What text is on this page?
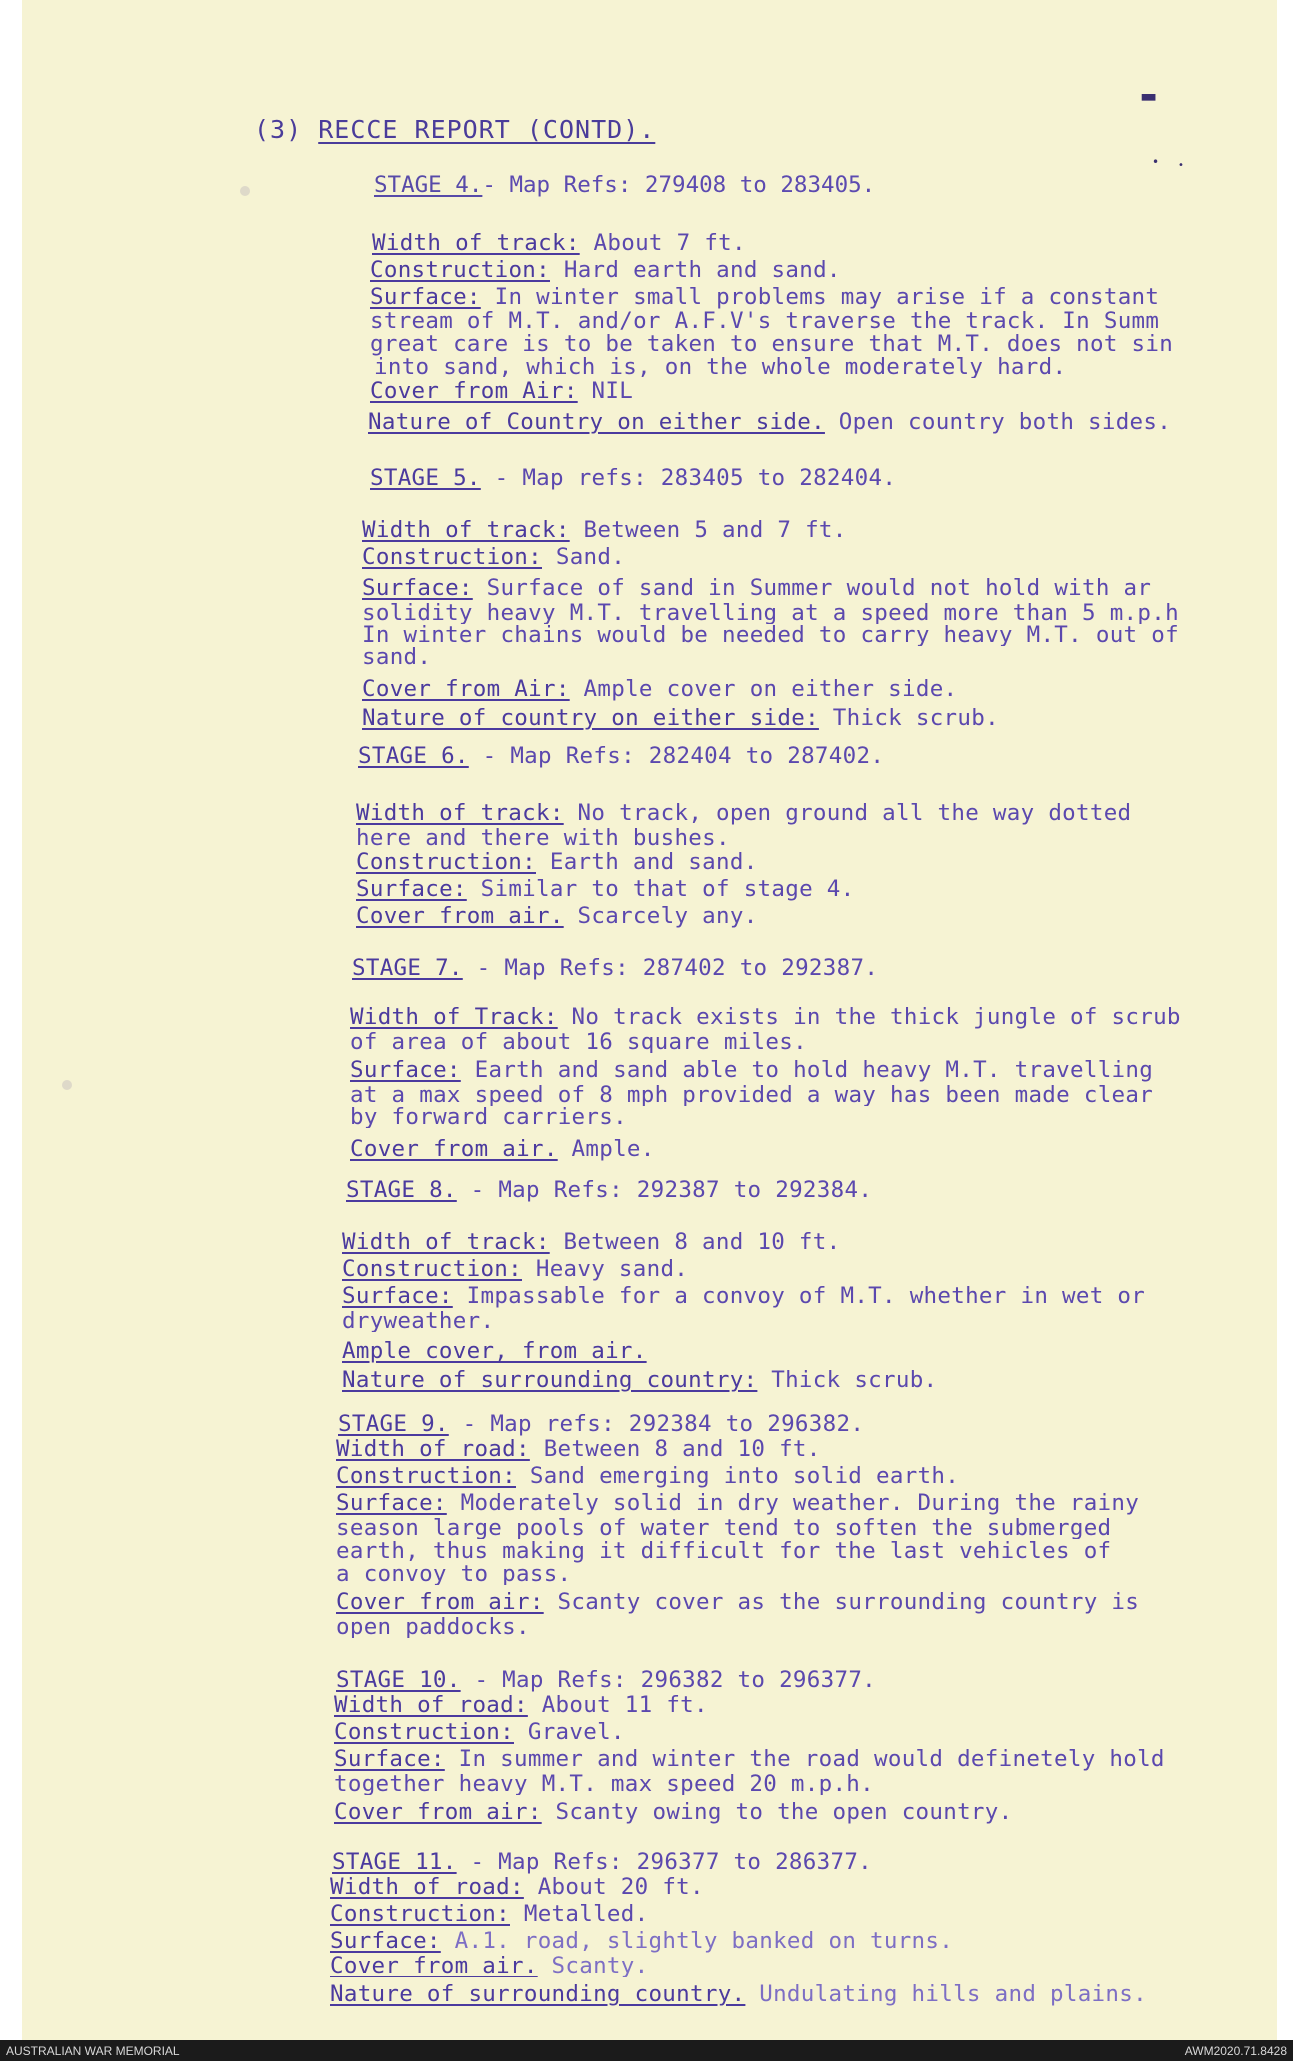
▬
• •
(3) RECCE REPORT (CONTD).
STAGE 4.- Map Refs: 279408 to 283405.
Width of track: About 7 ft.
Construction: Hard earth and sand.
Surface: In winter small problems may arise if a constant
stream of M.T. and/or A.F.V's traverse the track. In Summ
great care is to be taken to ensure that M.T. does not sin
into sand, which is, on the whole moderately hard.
Cover from Air: NIL
Nature of Country on either side. Open country both sides.
STAGE 5. - Map refs: 283405 to 282404.
Width of track: Between 5 and 7 ft.
Construction: Sand.
Surface: Surface of sand in Summer would not hold with ar
solidity heavy M.T. travelling at a speed more than 5 m.p.h
In winter chains would be needed to carry heavy M.T. out of
sand.
Cover from Air: Ample cover on either side.
Nature of country on either side: Thick scrub.
STAGE 6. - Map Refs: 282404 to 287402.
Width of track: No track, open ground all the way dotted
here and there with bushes.
Construction: Earth and sand.
Surface: Similar to that of stage 4.
Cover from air. Scarcely any.
STAGE 7. - Map Refs: 287402 to 292387.
Width of Track: No track exists in the thick jungle of scrub
of area of about 16 square miles.
Surface: Earth and sand able to hold heavy M.T. travelling
at a max speed of 8 mph provided a way has been made clear
by forward carriers.
Cover from air. Ample.
STAGE 8. - Map Refs: 292387 to 292384.
Width of track: Between 8 and 10 ft.
Construction: Heavy sand.
Surface: Impassable for a convoy of M.T. whether in wet or
dryweather.
Ample cover, from air.
Nature of surrounding country: Thick scrub.
STAGE 9. - Map refs: 292384 to 296382.
Width of road: Between 8 and 10 ft.
Construction: Sand emerging into solid earth.
Surface: Moderately solid in dry weather. During the rainy
season large pools of water tend to soften the submerged
earth, thus making it difficult for the last vehicles of
a convoy to pass.
Cover from air: Scanty cover as the surrounding country is
open paddocks.
STAGE 10. - Map Refs: 296382 to 296377.
Width of road: About 11 ft.
Construction: Gravel.
Surface: In summer and winter the road would definetely hold
together heavy M.T. max speed 20 m.p.h.
Cover from air: Scanty owing to the open country.
STAGE 11. - Map Refs: 296377 to 286377.
Width of road: About 20 ft.
Construction: Metalled.
Surface: A.1. road, slightly banked on turns.
Cover from air. Scanty.
Nature of surrounding country. Undulating hills and plains.
AUSTRALIAN WAR MEMORIAL	AWM2020.71.8428
